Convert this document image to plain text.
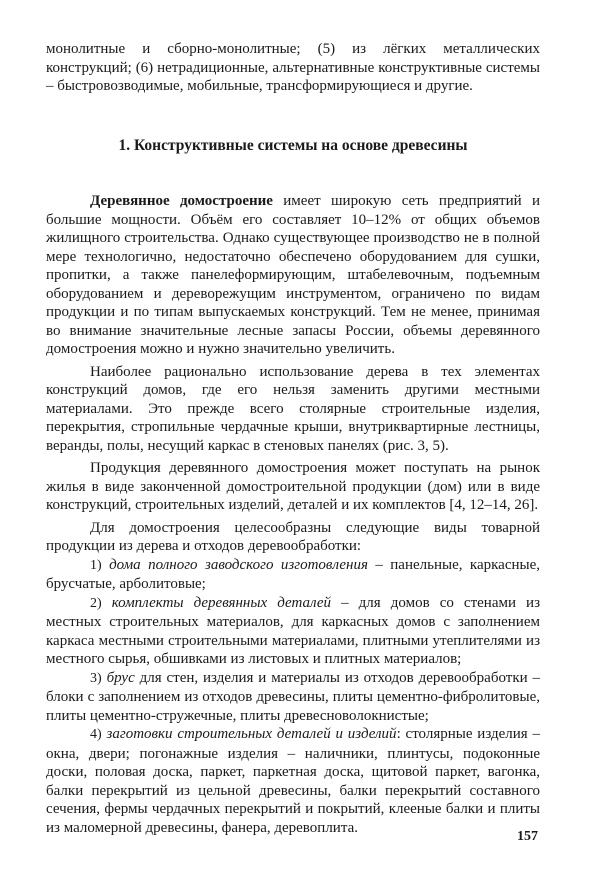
монолитные и сборно-монолитные; (5) из лёгких металлических конструкций; (6) нетрадиционные, альтернативные конструктивные системы – быстровозводимые, мобильные, трансформирующиеся и другие.

1. Конструктивные системы на основе древесины

Деревянное домостроение имеет широкую сеть предприятий и большие мощности. Объём его составляет 10–12% от общих объемов жилищного строительства. Однако существующее производство не в полной мере технологично, недостаточно обеспечено оборудованием для сушки, пропитки, а также панелеформирующим, штабелевочным, подъемным оборудованием и дереворежущим инструментом, ограничено по видам продукции и по типам выпускаемых конструкций. Тем не менее, принимая во внимание значительные лесные запасы России, объемы деревянного домостроения можно и нужно значительно увеличить.

Наиболее рационально использование дерева в тех элементах конструкций домов, где его нельзя заменить другими местными материалами. Это прежде всего столярные строительные изделия, перекрытия, стропильные чердачные крыши, внутриквартирные лестницы, веранды, полы, несущий каркас в стеновых панелях (рис. 3, 5).

Продукция деревянного домостроения может поступать на рынок жилья в виде законченной домостроительной продукции (дом) или в виде конструкций, строительных изделий, деталей и их комплектов [4, 12–14, 26].

Для домостроения целесообразны следующие виды товарной продукции из дерева и отходов деревообработки:

1) дома полного заводского изготовления – панельные, каркасные, брусчатые, арболитовые;

2) комплекты деревянных деталей – для домов со стенами из местных строительных материалов, для каркасных домов с заполнением каркаса местными строительными материалами, плитными утеплителями из местного сырья, обшивками из листовых и плитных материалов;

3) брус для стен, изделия и материалы из отходов деревообработки – блоки с заполнением из отходов древесины, плиты цементно-фибролитовые, плиты цементно-стружечные, плиты древесноволокнистые;

4) заготовки строительных деталей и изделий: столярные изделия – окна, двери; погонажные изделия – наличники, плинтусы, подоконные доски, половая доска, паркет, паркетная доска, щитовой паркет, вагонка, балки перекрытий из цельной древесины, балки перекрытий составного сечения, фермы чердачных перекрытий и покрытий, клееные балки и плиты из маломерной древесины, фанера, деревоплита.

157
